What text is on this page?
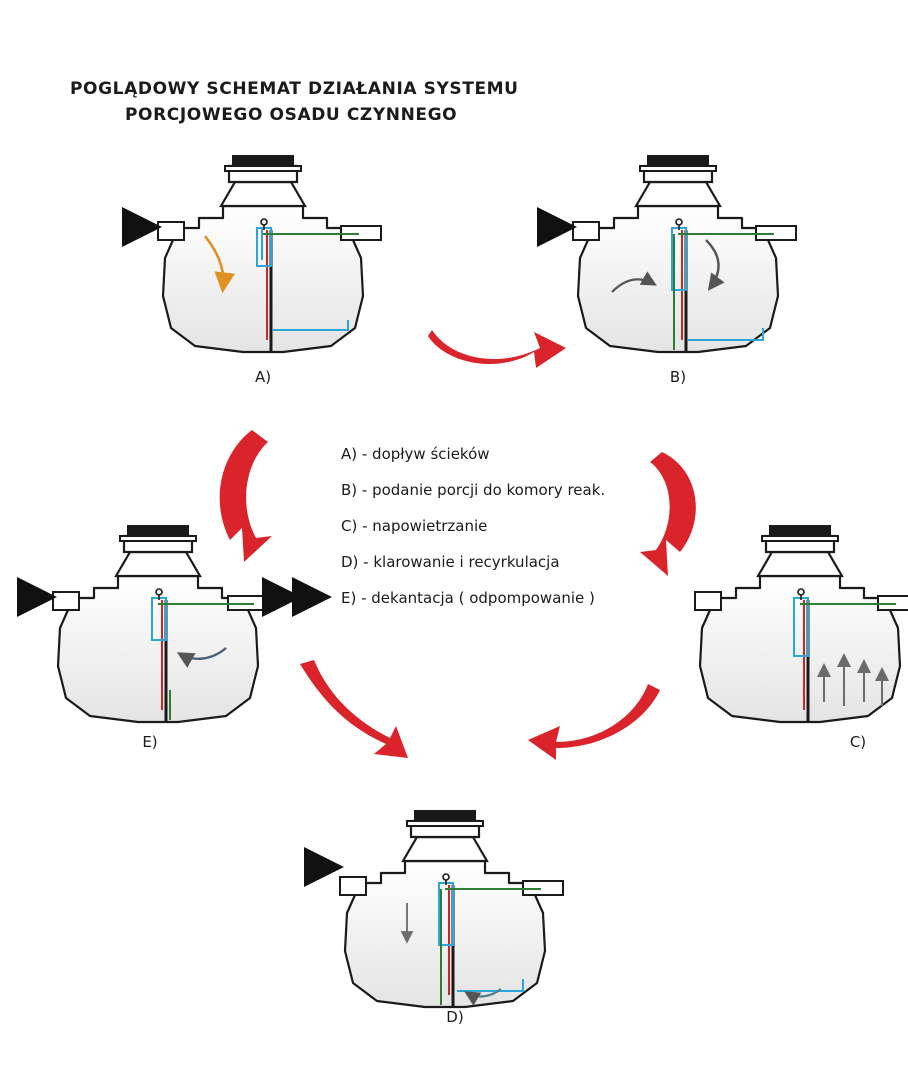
POGLĄDOWY SCHEMAT DZIAŁANIA SYSTEMU
PORCJOWEGO OSADU CZYNNEGO
A)	B)
C)
D)
E)
A) - dopływ ścieków
B) - podanie porcji do komory reak.
C) - napowietrzanie
D) - klarowanie i recyrkulacja
E) - dekantacja ( odpompowanie )
